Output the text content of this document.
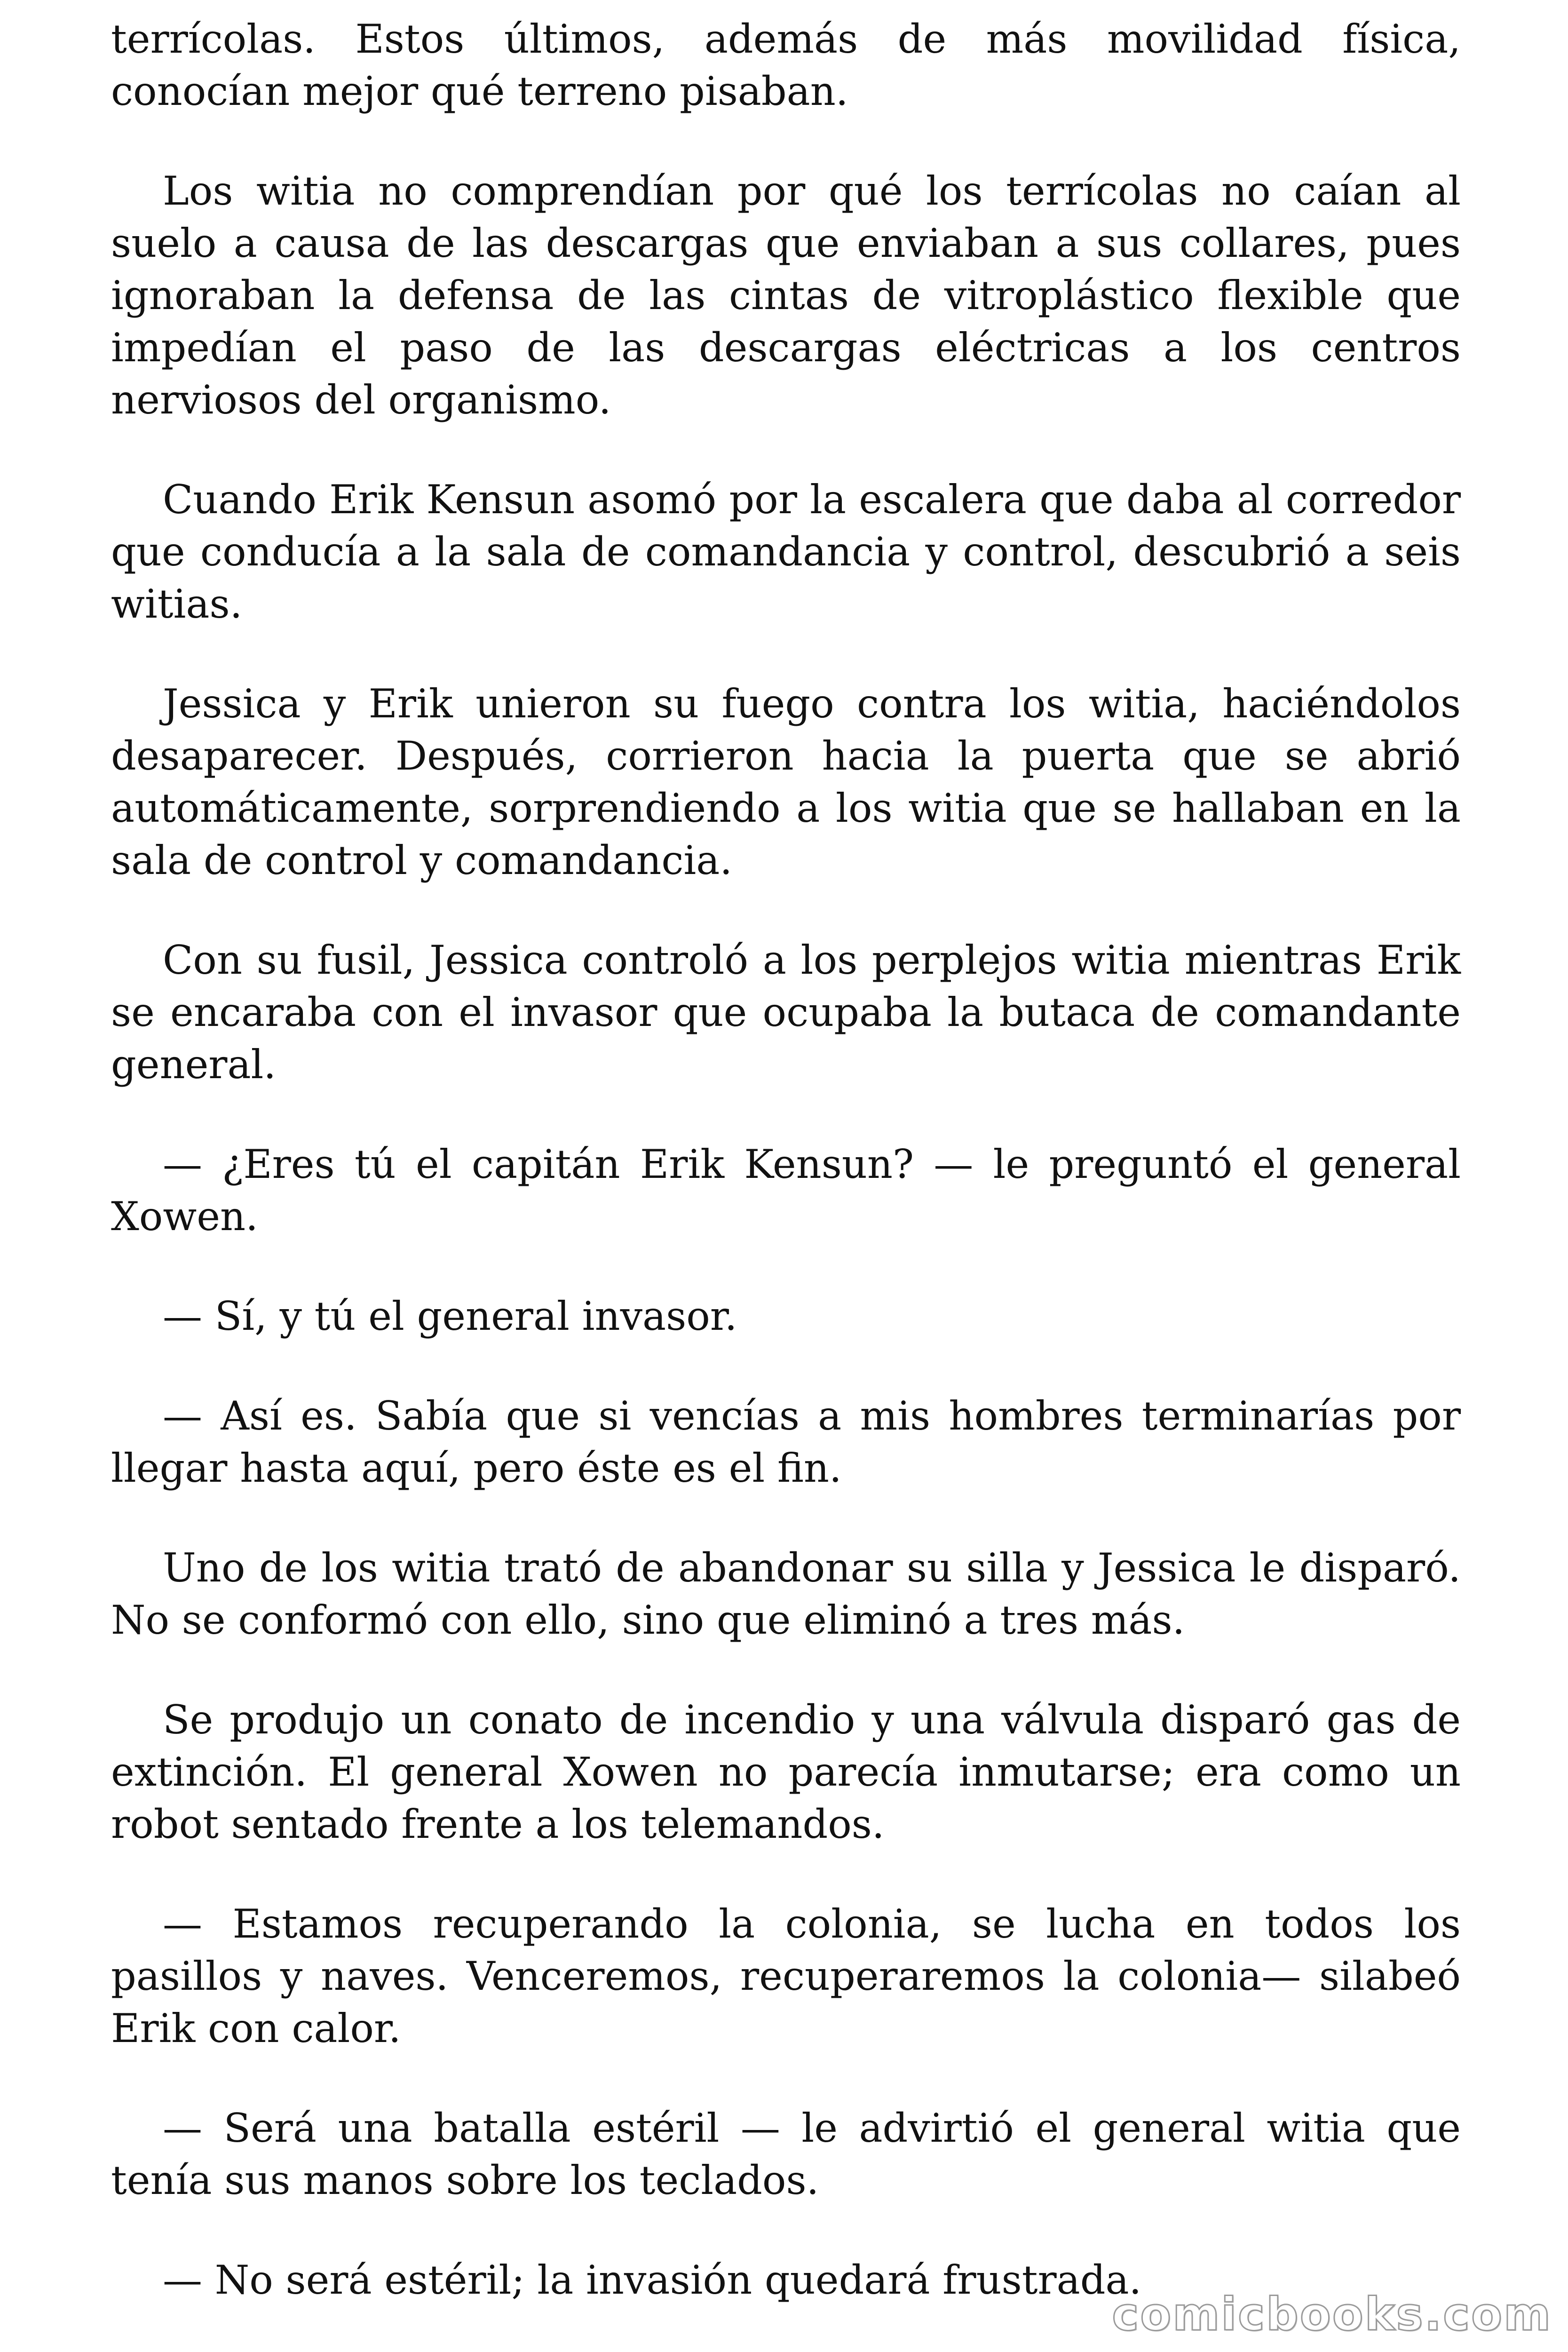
terrícolas. Estos últimos, además de más movilidad física, conocían mejor qué terreno pisaban.

Los witia no comprendían por qué los terrícolas no caían al suelo a causa de las descargas que enviaban a sus collares, pues ignoraban la defensa de las cintas de vitroplástico flexible que impedían el paso de las descargas eléctricas a los centros nerviosos del organismo.

Cuando Erik Kensun asomó por la escalera que daba al corredor que conducía a la sala de comandancia y control, descubrió a seis witias.

Jessica y Erik unieron su fuego contra los witia, haciéndolos desaparecer. Después, corrieron hacia la puerta que se abrió automáticamente, sorprendiendo a los witia que se hallaban en la sala de control y comandancia.

Con su fusil, Jessica controló a los perplejos witia mientras Erik se encaraba con el invasor que ocupaba la butaca de comandante general.

— ¿Eres tú el capitán Erik Kensun? — le preguntó el general Xowen.

— Sí, y tú el general invasor.

— Así es. Sabía que si vencías a mis hombres terminarías por llegar hasta aquí, pero éste es el fin.

Uno de los witia trató de abandonar su silla y Jessica le disparó. No se conformó con ello, sino que eliminó a tres más.

Se produjo un conato de incendio y una válvula disparó gas de extinción. El general Xowen no parecía inmutarse; era como un robot sentado frente a los telemandos.

— Estamos recuperando la colonia, se lucha en todos los pasillos y naves. Venceremos, recuperaremos la colonia— silabeó Erik con calor.

— Será una batalla estéril — le advirtió el general witia que tenía sus manos sobre los teclados.

— No será estéril; la invasión quedará frustrada.

comicbooks.com
